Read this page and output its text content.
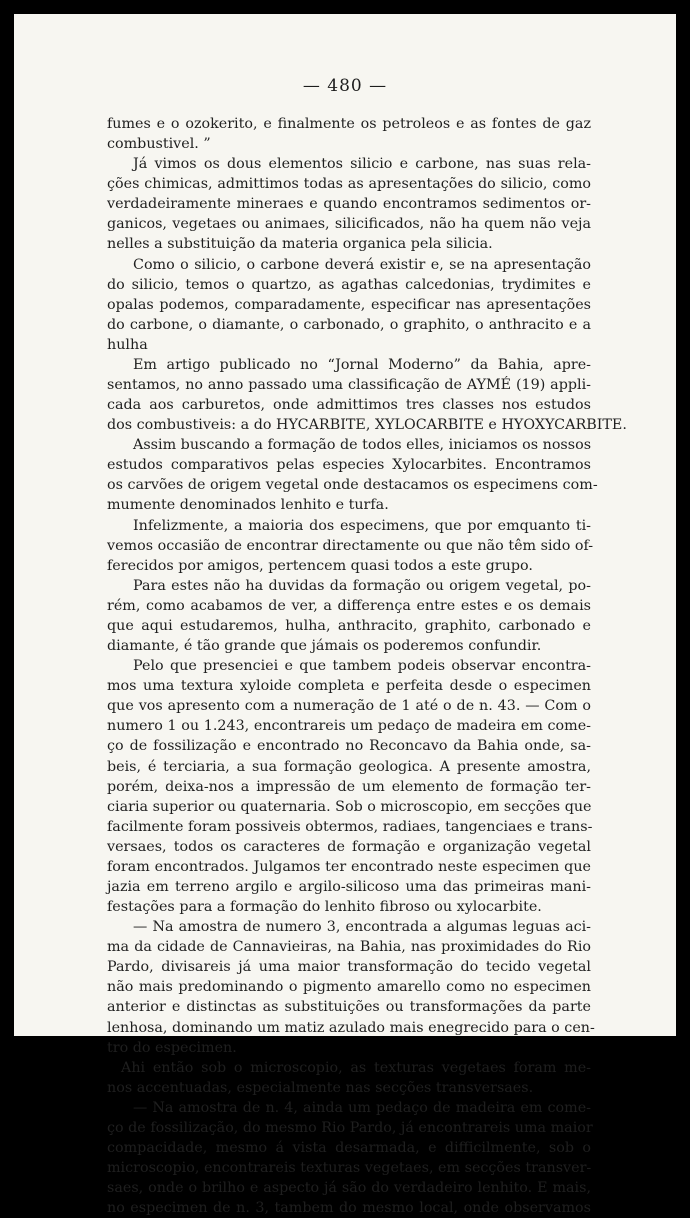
— 480 —
fumes e o ozokerito, e finalmente os petroleos e as fontes de gaz
combustivel. ”
Já vimos os dous elementos silicio e carbone, nas suas rela-
ções chimicas, admittimos todas as apresentações do silicio, como
verdadeiramente mineraes e quando encontramos sedimentos or-
ganicos, vegetaes ou animaes, silicificados, não ha quem não veja
nelles a substituição da materia organica pela silicia.
Como o silicio, o carbone deverá existir e, se na apresentação
do silicio, temos o quartzo, as agathas calcedonias, trydimites e
opalas podemos, comparadamente, especificar nas apresentações
do carbone, o diamante, o carbonado, o graphito, o anthracito e a
hulha
Em artigo publicado no “Jornal Moderno” da Bahia, apre-
sentamos, no anno passado uma classificação de AYMÉ (19) appli-
cada aos carburetos, onde admittimos tres classes nos estudos
dos combustiveis: a do HYCARBITE, XYLOCARBITE e HYOXYCARBITE.
Assim buscando a formação de todos elles, iniciamos os nossos
estudos comparativos pelas especies Xylocarbites. Encontramos
os carvões de origem vegetal onde destacamos os especimens com-
mumente denominados lenhito e turfa.
Infelizmente, a maioria dos especimens, que por emquanto ti-
vemos occasião de encontrar directamente ou que não têm sido of-
ferecidos por amigos, pertencem quasi todos a este grupo.
Para estes não ha duvidas da formação ou origem vegetal, po-
rém, como acabamos de ver, a differença entre estes e os demais
que aqui estudaremos, hulha, anthracito, graphito, carbonado e
diamante, é tão grande que jámais os poderemos confundir.
Pelo que presenciei e que tambem podeis observar encontra-
mos uma textura xyloide completa e perfeita desde o especimen
que vos apresento com a numeração de 1 até o de n. 43. — Com o
numero 1 ou 1.243, encontrareis um pedaço de madeira em come-
ço de fossilização e encontrado no Reconcavo da Bahia onde, sa-
beis, é terciaria, a sua formação geologica. A presente amostra,
porém, deixa-nos a impressão de um elemento de formação ter-
ciaria superior ou quaternaria. Sob o microscopio, em secções que
facilmente foram possiveis obtermos, radiaes, tangenciaes e trans-
versaes, todos os caracteres de formação e organização vegetal
foram encontrados. Julgamos ter encontrado neste especimen que
jazia em terreno argilo e argilo-silicoso uma das primeiras mani-
festações para a formação do lenhito fibroso ou xylocarbite.
— Na amostra de numero 3, encontrada a algumas leguas aci-
ma da cidade de Cannavieiras, na Bahia, nas proximidades do Rio
Pardo, divisareis já uma maior transformação do tecido vegetal
não mais predominando o pigmento amarello como no especimen
anterior e distinctas as substituições ou transformações da parte
lenhosa, dominando um matiz azulado mais enegrecido para o cen-
tro do especimen.
Ahi então sob o microscopio, as texturas vegetaes foram me-
nos accentuadas, especialmente nas secções transversaes.
— Na amostra de n. 4, ainda um pedaço de madeira em come-
ço de fossilização, do mesmo Rio Pardo, já encontrareis uma maior
compacidade, mesmo á vista desarmada, e difficilmente, sob o
microscopio, encontrareis texturas vegetaes, em secções transver-
saes, onde o brilho e aspecto já são do verdadeiro lenhito. E mais,
no especimen de n. 3, tambem do mesmo local, onde observamos
